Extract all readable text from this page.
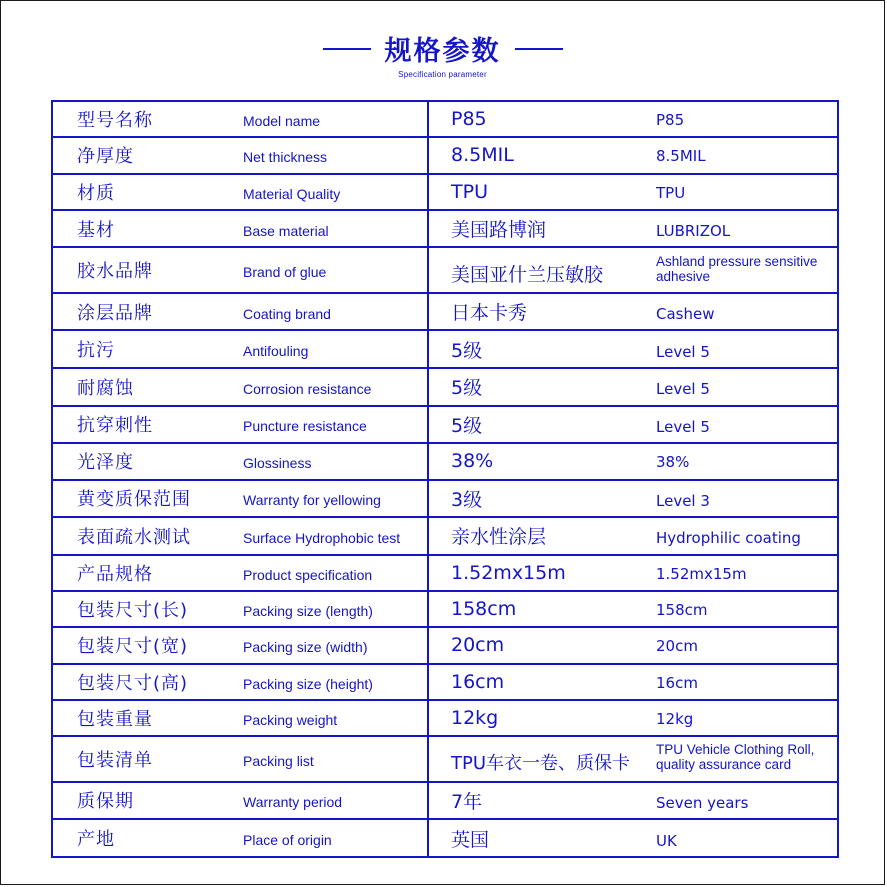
规格参数
Specification parameter
型号名称 Model name	P85 P85
净厚度 Net thickness	8.5MIL 8.5MIL
材质 Material Quality	TPU TPU
基材 Base material	美国路博润 LUBRIZOL
胶水品牌 Brand of glue	美国亚什兰压敏胶Ashland pressure sensitive adhesive
涂层品牌 Coating brand	日本卡秀 Cashew
抗污 Antifouling	5级 Level 5
耐腐蚀 Corrosion resistance	5级 Level 5
抗穿刺性 Puncture resistance	5级 Level 5
光泽度 Glossiness	38% 38%
黄变质保范围 Warranty for yellowing	3级 Level 3
表面疏水测试 Surface Hydrophobic test	亲水性涂层 Hydrophilic coating
产品规格 Product specification	1.52mx15m 1.52mx15m
包装尺寸(长) Packing size (length)	158cm 158cm
包装尺寸(宽) Packing size (width)	20cm 20cm
包装尺寸(高) Packing size (height)	16cm 16cm
包装重量 Packing weight	12kg 12kg
包装清单 Packing list	TPU车衣一卷、质保卡TPU Vehicle Clothing Roll, quality assurance card
质保期 Warranty period	7年 Seven years
产地 Place of origin	英国 UK
